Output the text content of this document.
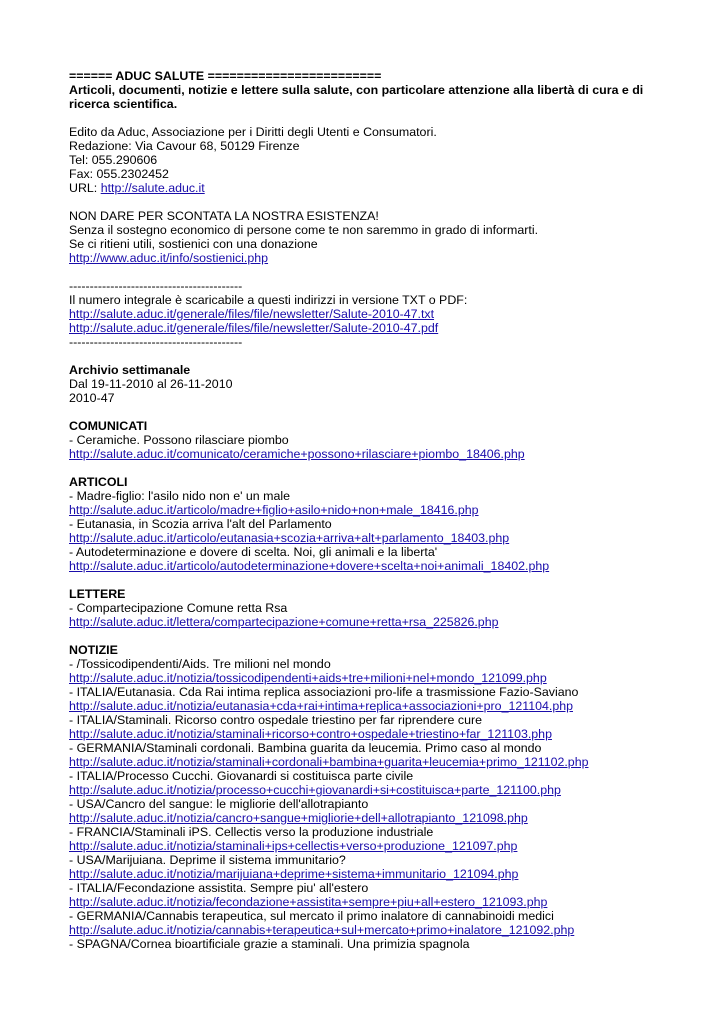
====== ADUC SALUTE ========================
Articoli, documenti, notizie e lettere sulla salute, con particolare attenzione alla libertà di cura e di
ricerca scientifica.
Edito da Aduc, Associazione per i Diritti degli Utenti e Consumatori.
Redazione: Via Cavour 68, 50129 Firenze
Tel: 055.290606
Fax: 055.2302452
URL: http://salute.aduc.it
NON DARE PER SCONTATA LA NOSTRA ESISTENZA!
Senza il sostegno economico di persone come te non saremmo in grado di informarti.
Se ci ritieni utili, sostienici con una donazione
http://www.aduc.it/info/sostienici.php
------------------------------------------
Il numero integrale è scaricabile a questi indirizzi in versione TXT o PDF:
http://salute.aduc.it/generale/files/file/newsletter/Salute-2010-47.txt
http://salute.aduc.it/generale/files/file/newsletter/Salute-2010-47.pdf
------------------------------------------
Archivio settimanale
Dal 19-11-2010 al 26-11-2010
2010-47
COMUNICATI
- Ceramiche. Possono rilasciare piombo
http://salute.aduc.it/comunicato/ceramiche+possono+rilasciare+piombo_18406.php
ARTICOLI
- Madre-figlio: l'asilo nido non e' un male
http://salute.aduc.it/articolo/madre+figlio+asilo+nido+non+male_18416.php
- Eutanasia, in Scozia arriva l'alt del Parlamento
http://salute.aduc.it/articolo/eutanasia+scozia+arriva+alt+parlamento_18403.php
- Autodeterminazione e dovere di scelta. Noi, gli animali e la liberta'
http://salute.aduc.it/articolo/autodeterminazione+dovere+scelta+noi+animali_18402.php
LETTERE
- Compartecipazione Comune retta Rsa
http://salute.aduc.it/lettera/compartecipazione+comune+retta+rsa_225826.php
NOTIZIE
- /Tossicodipendenti/Aids. Tre milioni nel mondo
http://salute.aduc.it/notizia/tossicodipendenti+aids+tre+milioni+nel+mondo_121099.php
- ITALIA/Eutanasia. Cda Rai intima replica associazioni pro-life a trasmissione Fazio-Saviano
http://salute.aduc.it/notizia/eutanasia+cda+rai+intima+replica+associazioni+pro_121104.php
- ITALIA/Staminali. Ricorso contro ospedale triestino per far riprendere cure
http://salute.aduc.it/notizia/staminali+ricorso+contro+ospedale+triestino+far_121103.php
- GERMANIA/Staminali cordonali. Bambina guarita da leucemia. Primo caso al mondo
http://salute.aduc.it/notizia/staminali+cordonali+bambina+guarita+leucemia+primo_121102.php
- ITALIA/Processo Cucchi. Giovanardi si costituisca parte civile
http://salute.aduc.it/notizia/processo+cucchi+giovanardi+si+costituisca+parte_121100.php
- USA/Cancro del sangue: le migliorie dell'allotrapianto
http://salute.aduc.it/notizia/cancro+sangue+migliorie+dell+allotrapianto_121098.php
- FRANCIA/Staminali iPS. Cellectis verso la produzione industriale
http://salute.aduc.it/notizia/staminali+ips+cellectis+verso+produzione_121097.php
- USA/Marijuiana. Deprime il sistema immunitario?
http://salute.aduc.it/notizia/marijuiana+deprime+sistema+immunitario_121094.php
- ITALIA/Fecondazione assistita. Sempre piu' all'estero
http://salute.aduc.it/notizia/fecondazione+assistita+sempre+piu+all+estero_121093.php
- GERMANIA/Cannabis terapeutica, sul mercato il primo inalatore di cannabinoidi medici
http://salute.aduc.it/notizia/cannabis+terapeutica+sul+mercato+primo+inalatore_121092.php
- SPAGNA/Cornea bioartificiale grazie a staminali. Una primizia spagnola
